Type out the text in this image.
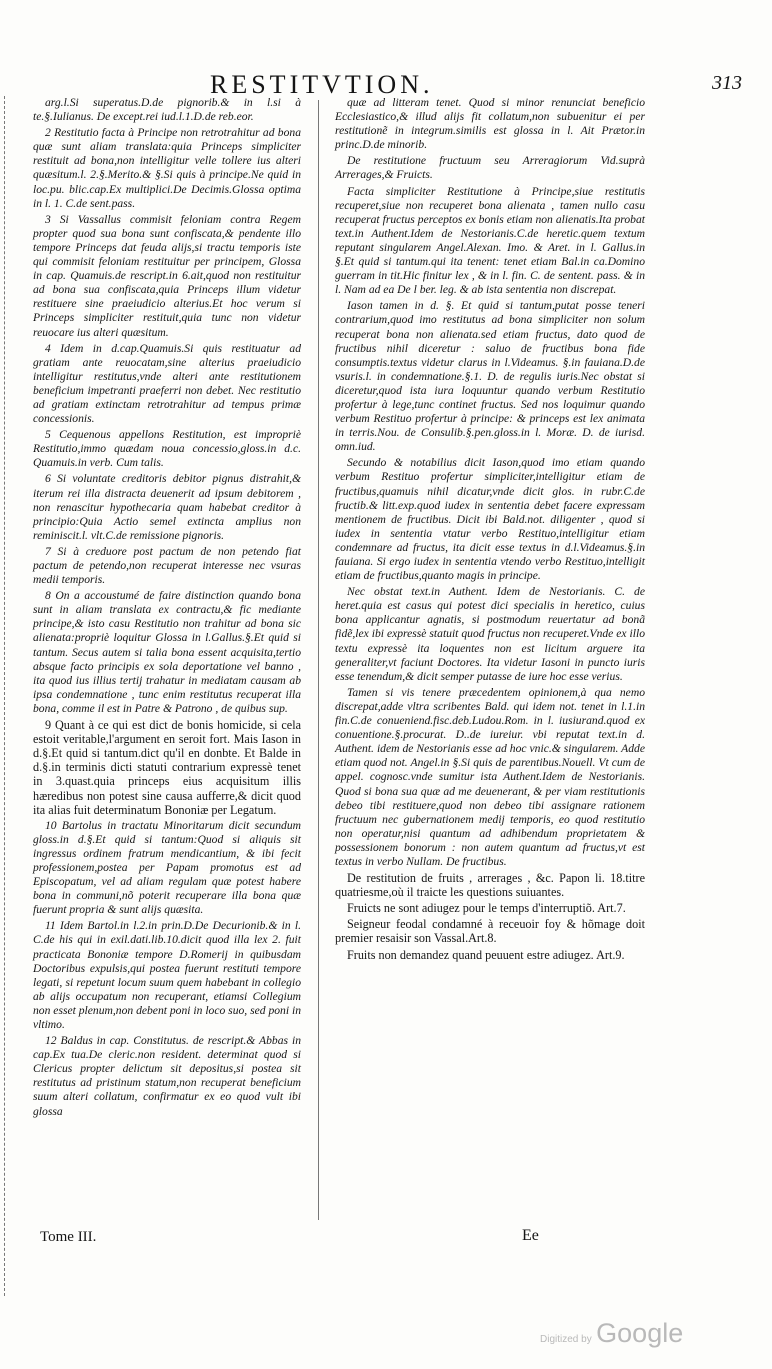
RESTITVTION.	313

arg.l.Si superatus.D.de pignorib.& in l.si à te.§.Iulianus. De except.rei iud.l.1.D.de reb.eor.

2 Restitutio facta à Principe non retrotrahitur ad bona quæ sunt aliam translata:quia Princeps simpliciter restituit ad bona,non intelligitur velle tollere ius alteri quæsitum.l. 2.§.Merito.& §.Si quis à principe.Ne quid in loc.pu. blic.cap.Ex multiplici.De Decimis.Glossa optima in l. 1. C.de sent.pass.

3 Si Vassallus commisit feloniam contra Regem propter quod sua bona sunt confiscata,& pendente illo tempore Princeps dat feuda alijs,si tractu temporis iste qui commisit feloniam restituitur per principem, Glossa in cap. Quamuis.de rescript.in 6.ait,quod non restituitur ad bona sua confiscata,quia Princeps illum videtur restituere sine praeiudicio alterius.Et hoc verum si Princeps simpliciter restituit,quia tunc non videtur reuocare ius alteri quæsitum.

4 Idem in d.cap.Quamuis.Si quis restituatur ad gratiam ante reuocatam,sine alterius praeiudicio intelligitur restitutus,vnde alteri ante restitutionem beneficium impetranti praeferri non debet. Nec restitutio ad gratiam extinctam retrotrahitur ad tempus primæ concessionis.

5 Cequenous appellons Restitution, est impropriè Restitutio,immo quædam noua concessio,gloss.in d.c. Quamuis.in verb. Cum talis.

6 Si voluntate creditoris debitor pignus distrahit,& iterum rei illa distracta deuenerit ad ipsum debitorem , non renascitur hypothecaria quam habebat creditor à principio:Quia Actio semel extincta amplius non reminiscit.l. vlt.C.de remissione pignoris.

7 Si à creduore post pactum de non petendo fiat pactum de petendo,non recuperat interesse nec vsuras medii temporis.

8 On a accoustumé de faire distinction quando bona sunt in aliam translata ex contractu,& fic mediante principe,& isto casu Restitutio non trahitur ad bona sic alienata:propriè loquitur Glossa in l.Gallus.§.Et quid si tantum. Secus autem si talia bona essent acquisita,tertio absque facto principis ex sola deportatione vel banno , ita quod ius illius tertij trahatur in mediatam causam ab ipsa condemnatione , tunc enim restitutus recuperat illa bona, comme il est in Patre & Patrono , de quibus sup.

9 Quant à ce qui est dict de bonis homicide, si cela estoit veritable,l'argument en seroit fort. Mais Iason in d.§.Et quid si tantum.dict qu'il en donbte. Et Balde in d.§.in terminis dicti statuti contrarium expressè tenet in 3.quast.quia princeps eius acquisitum illis hæredibus non potest sine causa aufferre,& dicit quod ita alias fuit determinatum Bononiæ per Legatum.

10 Bartolus in tractatu Minoritarum dicit secundum gloss.in d.§.Et quid si tantum:Quod si aliquis sit ingressus ordinem fratrum mendicantium, & ibi fecit professionem,postea per Papam promotus est ad Episcopatum, vel ad aliam regulam quæ potest habere bona in communi,nõ poterit recuperare illa bona quæ fuerunt propria & sunt alijs quæsita.

11 Idem Bartol.in l.2.in prin.D.De Decurionib.& in l. C.de his qui in exil.dati.lib.10.dicit quod illa lex 2. fuit practicata Bononiæ tempore D.Romerij in quibusdam Doctoribus expulsis,qui postea fuerunt restituti tempore legati, si repetunt locum suum quem habebant in collegio ab alijs occupatum non recuperant, etiamsi Collegium non esset plenum,non debent poni in loco suo, sed poni in vltimo.

12 Baldus in cap. Constitutus. de rescript.& Abbas in cap.Ex tua.De cleric.non resident. determinat quod si Clericus propter delictum sit depositus,si postea sit restitutus ad pristinum statum,non recuperat beneficium suum alteri collatum, confirmatur ex eo quod vult ibi glossa

quæ ad litteram tenet. Quod si minor renunciat beneficio Ecclesiastico,& illud alijs fit collatum,non subuenitur ei per restitutionẽ in integrum.similis est glossa in l. Ait Prætor.in princ.D.de minorib.

De restitutione fructuum seu Arreragiorum Vid.suprà Arrerages,& Fruicts.

Facta simpliciter Restitutione à Principe,siue restitutis recuperet,siue non recuperet bona alienata , tamen nullo casu recuperat fructus perceptos ex bonis etiam non alienatis.Ita probat text.in Authent.Idem de Nestorianis.C.de heretic.quem textum reputant singularem Angel.Alexan. Imo. & Aret. in l. Gallus.in §.Et quid si tantum.qui ita tenent: tenet etiam Bal.in ca.Domino guerram in tit.Hic finitur lex , & in l. fin. C. de sentent. pass. & in l. Nam ad ea De l ber. leg. & ab ista sententia non discrepat.

Iason tamen in d. §. Et quid si tantum,putat posse teneri contrarium,quod imo restitutus ad bona simpliciter non solum recuperat bona non alienata.sed etiam fructus, dato quod de fructibus nihil diceretur : saluo de fructibus bona fide consumptis.textus videtur clarus in l.Videamus. §.in fauiana.D.de vsuris.l. in condemnatione.§.1. D. de regulis iuris.Nec obstat si diceretur,quod ista iura loquuntur quando verbum Restitutio profertur à lege,tunc continet fructus. Sed nos loquimur quando verbum Restituo profertur à principe: & princeps est lex animata in terris.Nou. de Consulib.§.pen.gloss.in l. Moræ. D. de iurisd. omn.iud.

Secundo & notabilius dicit Iason,quod imo etiam quando verbum Restituo profertur simpliciter,intelligitur etiam de fructibus,quamuis nihil dicatur,vnde dicit glos. in rubr.C.de fructib.& litt.exp.quod iudex in sententia debet facere expressam mentionem de fructibus. Dicit ibi Bald.not. diligenter , quod si iudex in sententia vtatur verbo Restituo,intelligitur etiam condemnare ad fructus, ita dicit esse textus in d.l.Videamus.§.in fauiana. Si ergo iudex in sententia vtendo verbo Restituo,intelligit etiam de fructibus,quanto magis in principe.

Nec obstat text.in Authent. Idem de Nestorianis. C. de heret.quia est casus qui potest dici specialis in heretico, cuius bona applicantur agnatis, si postmodum reuertatur ad bonã fidẽ,lex ibi expressè statuit quod fructus non recuperet.Vnde ex illo textu expressè ita loquentes non est licitum arguere ita generaliter,vt faciunt Doctores. Ita videtur Iasoni in puncto iuris esse tenendum,& dicit semper putasse de iure hoc esse verius.

Tamen si vis tenere præcedentem opinionem,à qua nemo discrepat,adde vltra scribentes Bald. qui idem not. tenet in l.1.in fin.C.de conueniend.fisc.deb.Ludou.Rom. in l. iusiurand.quod ex conuentione.§.procurat. D..de iureiur. vbi reputat text.in d. Authent. idem de Nestorianis esse ad hoc vnic.& singularem. Adde etiam quod not. Angel.in §.Si quis de parentibus.Nouell. Vt cum de appel. cognosc.vnde sumitur ista Authent.Idem de Nestorianis. Quod si bona sua quæ ad me deuenerant, & per viam restitutionis debeo tibi restituere,quod non debeo tibi assignare rationem fructuum nec gubernationem medij temporis, eo quod restitutio non operatur,nisi quantum ad adhibendum proprietatem & possessionem bonorum : non autem quantum ad fructus,vt est textus in verbo Nullam. De fructibus.

De restitution de fruits , arrerages , &c. Papon li. 18.titre quatriesme,où il traicte les questions suiuantes.

Fruicts ne sont adiugez pour le temps d'interruptiõ. Art.7.

Seigneur feodal condamné à receuoir foy & hõmage doit premier resaisir son Vassal.Art.8.

Fruits non demandez quand peuuent estre adiugez. Art.9.

Tome III.	Ee
Digitized by Google
